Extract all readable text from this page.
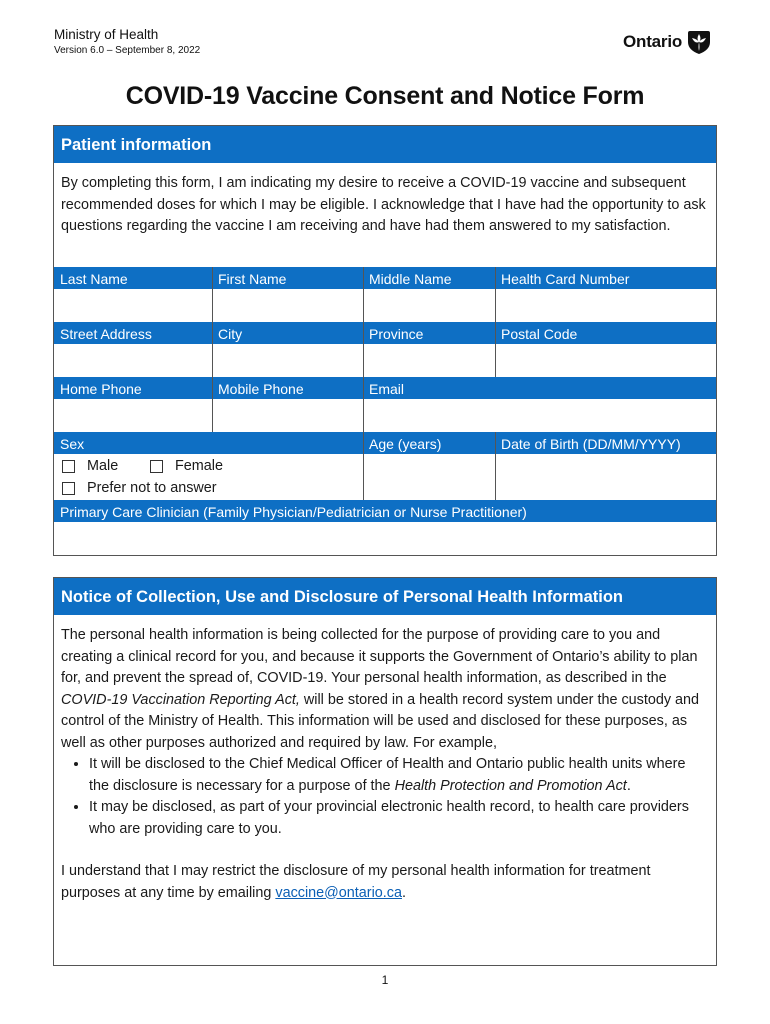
Ministry of Health
Version 6.0 – September 8, 2022	Ontario
COVID-19 Vaccine Consent and Notice Form
Patient information
By completing this form, I am indicating my desire to receive a COVID-19 vaccine and subsequent recommended doses for which I may be eligible. I acknowledge that I have had the opportunity to ask questions regarding the vaccine I am receiving and have had them answered to my satisfaction.
Last Name	First Name	Middle Name	Health Card Number
Street Address	City	Province	Postal Code
Home Phone	Mobile Phone	Email
Sex	Age (years)	Date of Birth (DD/MM/YYYY)
Male	Female
Prefer not to answer
Primary Care Clinician (Family Physician/Pediatrician or Nurse Practitioner)
Notice of Collection, Use and Disclosure of Personal Health Information
The personal health information is being collected for the purpose of providing care to you and creating a clinical record for you, and because it supports the Government of Ontario’s ability to plan for, and prevent the spread of, COVID-19. Your personal health information, as described in the COVID-19 Vaccination Reporting Act, will be stored in a health record system under the custody and control of the Ministry of Health. This information will be used and disclosed for these purposes, as well as other purposes authorized and required by law. For example,
• It will be disclosed to the Chief Medical Officer of Health and Ontario public health units where the disclosure is necessary for a purpose of the Health Protection and Promotion Act.
• It may be disclosed, as part of your provincial electronic health record, to health care providers who are providing care to you.
I understand that I may restrict the disclosure of my personal health information for treatment purposes at any time by emailing vaccine@ontario.ca.
1
